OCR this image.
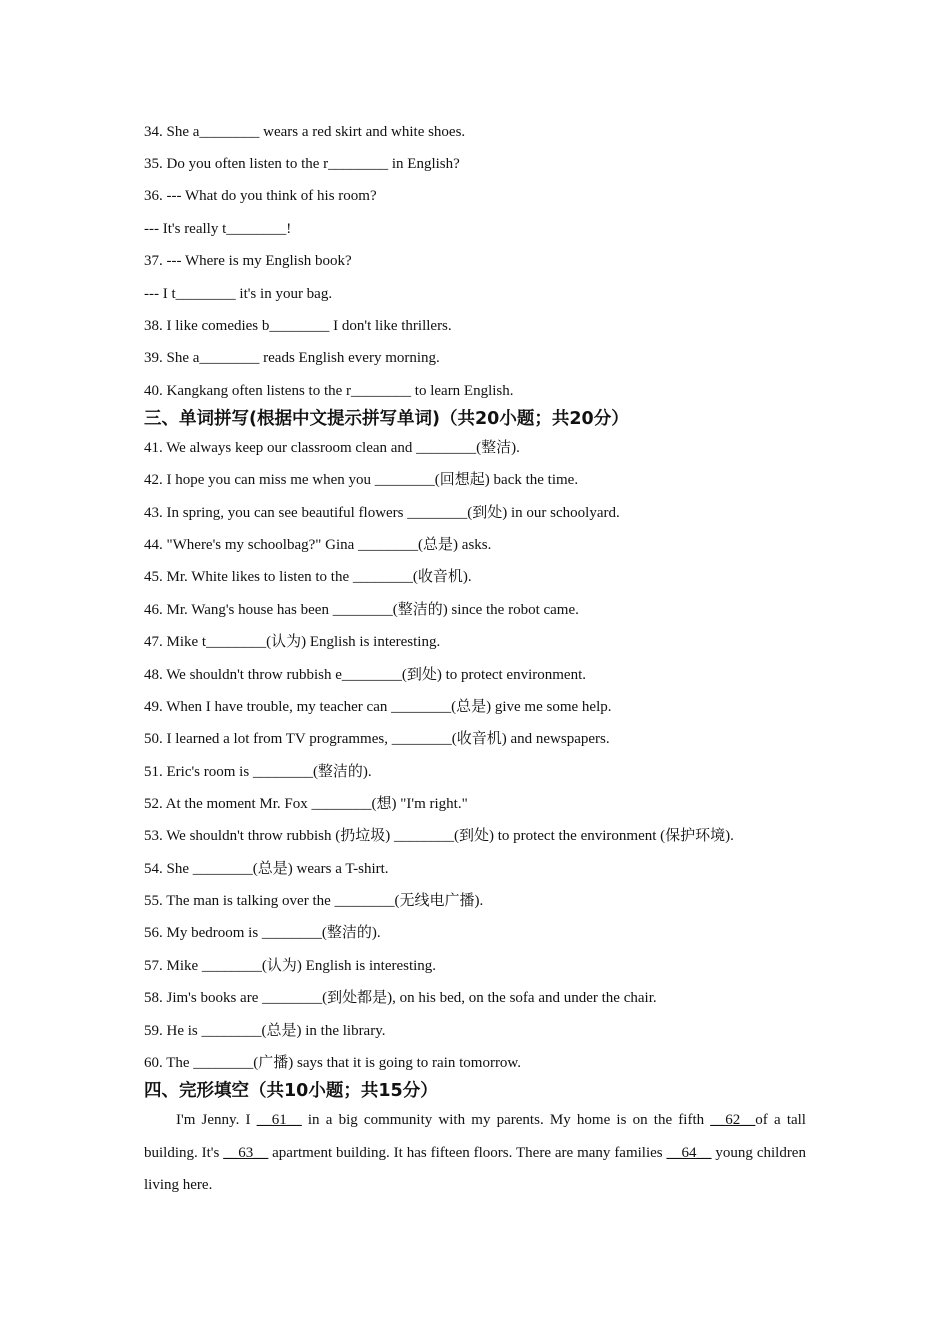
34. She a________ wears a red skirt and white shoes.
35. Do you often listen to the r________ in English?
36. --- What do you think of his room?
--- It's really t________!
37. --- Where is my English book?
--- I t________ it's in your bag.
38. I like comedies b________ I don't like thrillers.
39. She a________ reads English every morning.
40. Kangkang often listens to the r________ to learn English.
三、单词拼写(根据中文提示拼写单词)（共20小题；共20分）
41. We always keep our classroom clean and ________(整洁).
42. I hope you can miss me when you ________(回想起) back the time.
43. In spring, you can see beautiful flowers ________(到处) in our schoolyard.
44. "Where's my schoolbag?" Gina ________(总是) asks.
45. Mr. White likes to listen to the ________(收音机).
46. Mr. Wang's house has been ________(整洁的) since the robot came.
47. Mike t________(认为) English is interesting.
48. We shouldn't throw rubbish e________(到处) to protect environment.
49. When I have trouble, my teacher can ________(总是) give me some help.
50. I learned a lot from TV programmes, ________(收音机) and newspapers.
51. Eric's room is ________(整洁的).
52. At the moment Mr. Fox ________(想) "I'm right."
53. We shouldn't throw rubbish (扔垃圾) ________(到处) to protect the environment (保护环境).
54. She ________(总是) wears a T-shirt.
55. The man is talking over the ________(无线电广播).
56. My bedroom is ________(整洁的).
57. Mike ________(认为) English is interesting.
58. Jim's books are ________(到处都是), on his bed, on the sofa and under the chair.
59. He is ________(总是) in the library.
60. The ________(广播) says that it is going to rain tomorrow.
四、完形填空（共10小题；共15分）
I'm Jenny. I __61__ in a big community with my parents. My home is on the fifth __62__of a tall building. It's __63__ apartment building. It has fifteen floors. There are many families __64__ young children living here.
